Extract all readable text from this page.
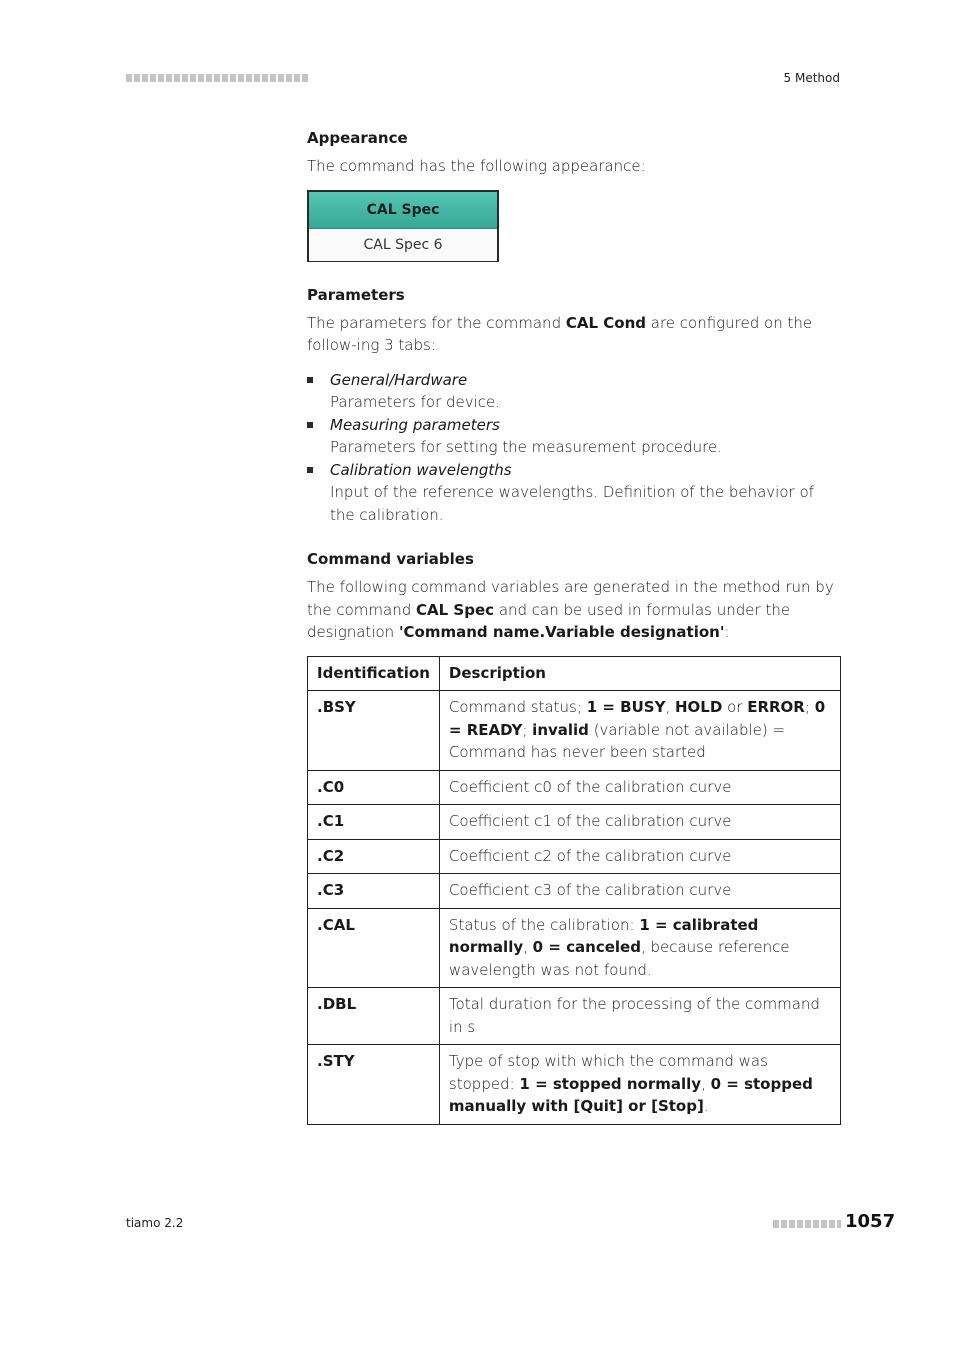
5 Method
Appearance

The command has the following appearance:

CAL Spec
CAL Spec 6
Parameters

The parameters for the command CAL Cond are configured on the follow-ing 3 tabs:

General/Hardware
Parameters for device.
Measuring parameters
Parameters for setting the measurement procedure.
Calibration wavelengths
Input of the reference wavelengths. Definition of the behavior of the calibration.
Command variables

The following command variables are generated in the method run by the command CAL Spec and can be used in formulas under the designation 'Command name.Variable designation':

Identification	Description
.BSY	Command status; 1 = BUSY, HOLD or ERROR; 0 = READY; invalid (variable not available) = Command has never been started
.C0	Coefficient c0 of the calibration curve
.C1	Coefficient c1 of the calibration curve
.C2	Coefficient c2 of the calibration curve
.C3	Coefficient c3 of the calibration curve
.CAL	Status of the calibration: 1 = calibrated normally, 0 = canceled, because reference wavelength was not found.
.DBL	Total duration for the processing of the command in s
.STY	Type of stop with which the command was stopped: 1 = stopped normally, 0 = stopped manually with [Quit] or [Stop].
tiamo 2.2	1057
